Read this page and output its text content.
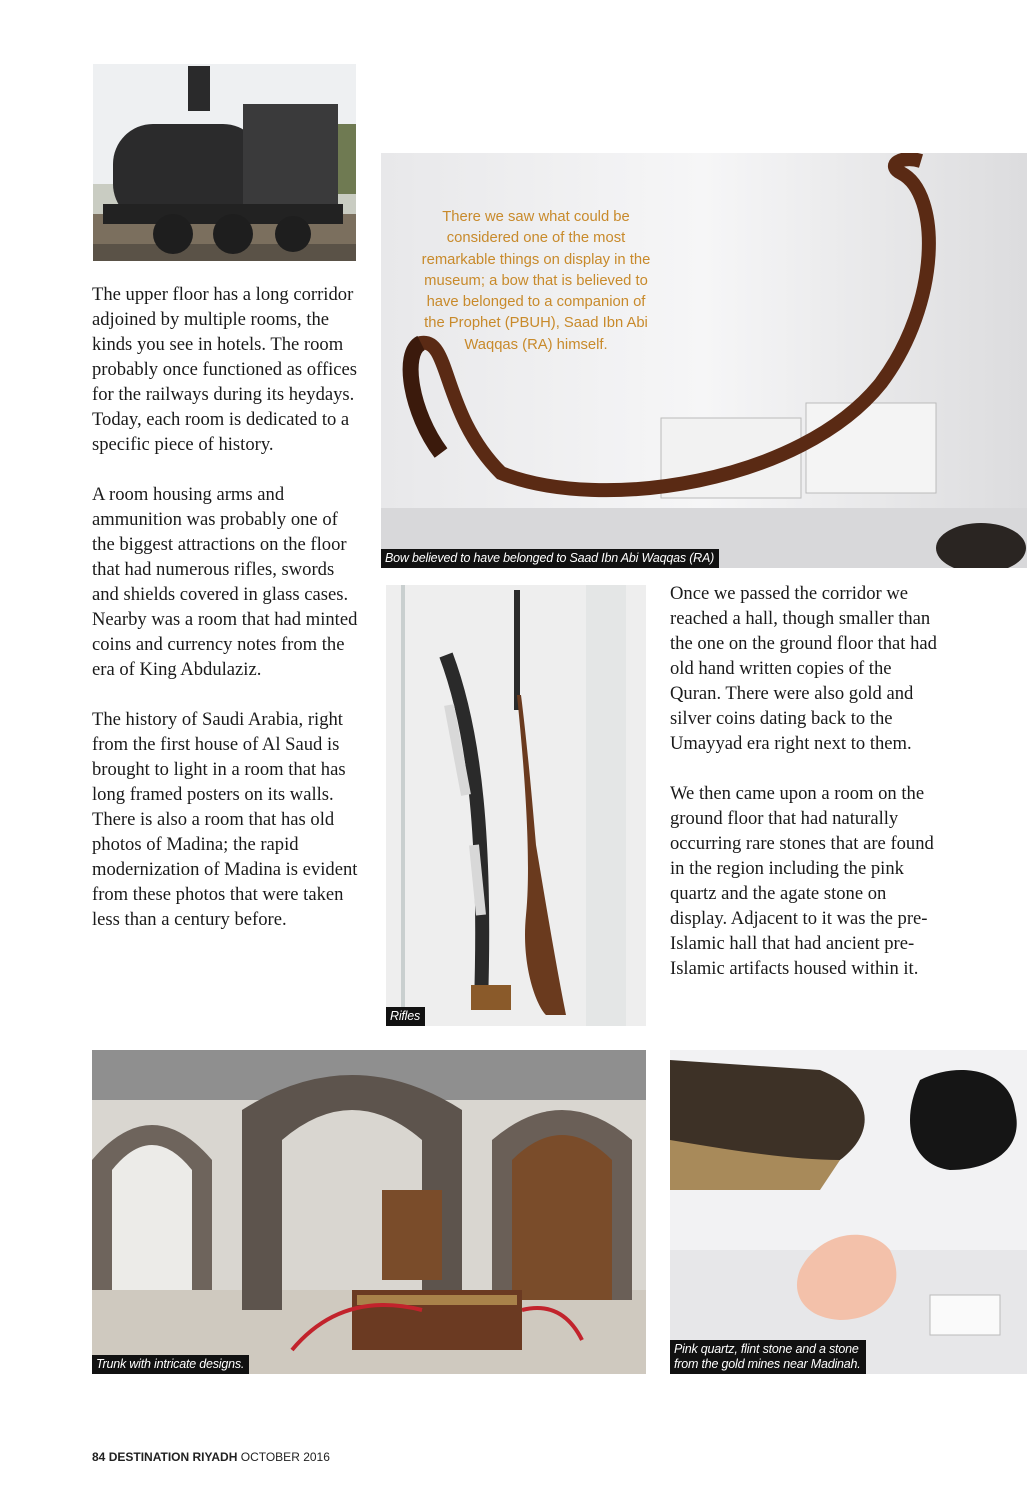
Bow believed to have belonged to Saad Ibn Abi Waqqas (RA)
There we saw what could be considered one of the most remarkable things on display in the museum; a bow that is believed to have belonged to a companion of the Prophet (PBUH), Saad Ibn Abi Waqqas (RA) himself.
Rifles
Trunk with intricate designs.
Pink quartz, flint stone and a stone
from the gold mines near Madinah.

The upper floor has a long corridor adjoined by multiple rooms, the kinds you see in hotels. The room probably once functioned as offices for the railways during its heydays. Today, each room is dedicated to a specific piece of history.

A room housing arms and ammunition was probably one of the biggest attractions on the floor that had numerous rifles, swords and shields covered in glass cases. Nearby was a room that had minted coins and currency notes from the era of King Abdulaziz.

The history of Saudi Arabia, right from the first house of Al Saud is brought to light in a room that has long framed posters on its walls. There is also a room that has old photos of Madina; the rapid modernization of Madina is evident from these photos that were taken less than a century before.

Once we passed the corridor we reached a hall, though smaller than the one on the ground floor that had old hand written copies of the Quran. There were also gold and silver coins dating back to the Umayyad era right next to them.

We then came upon a room on the ground floor that had naturally occurring rare stones that are found in the region including the pink quartz and the agate stone on display. Adjacent to it was the pre-Islamic hall that had ancient pre-Islamic artifacts housed within it.

84 DESTINATION RIYADH OCTOBER 2016
